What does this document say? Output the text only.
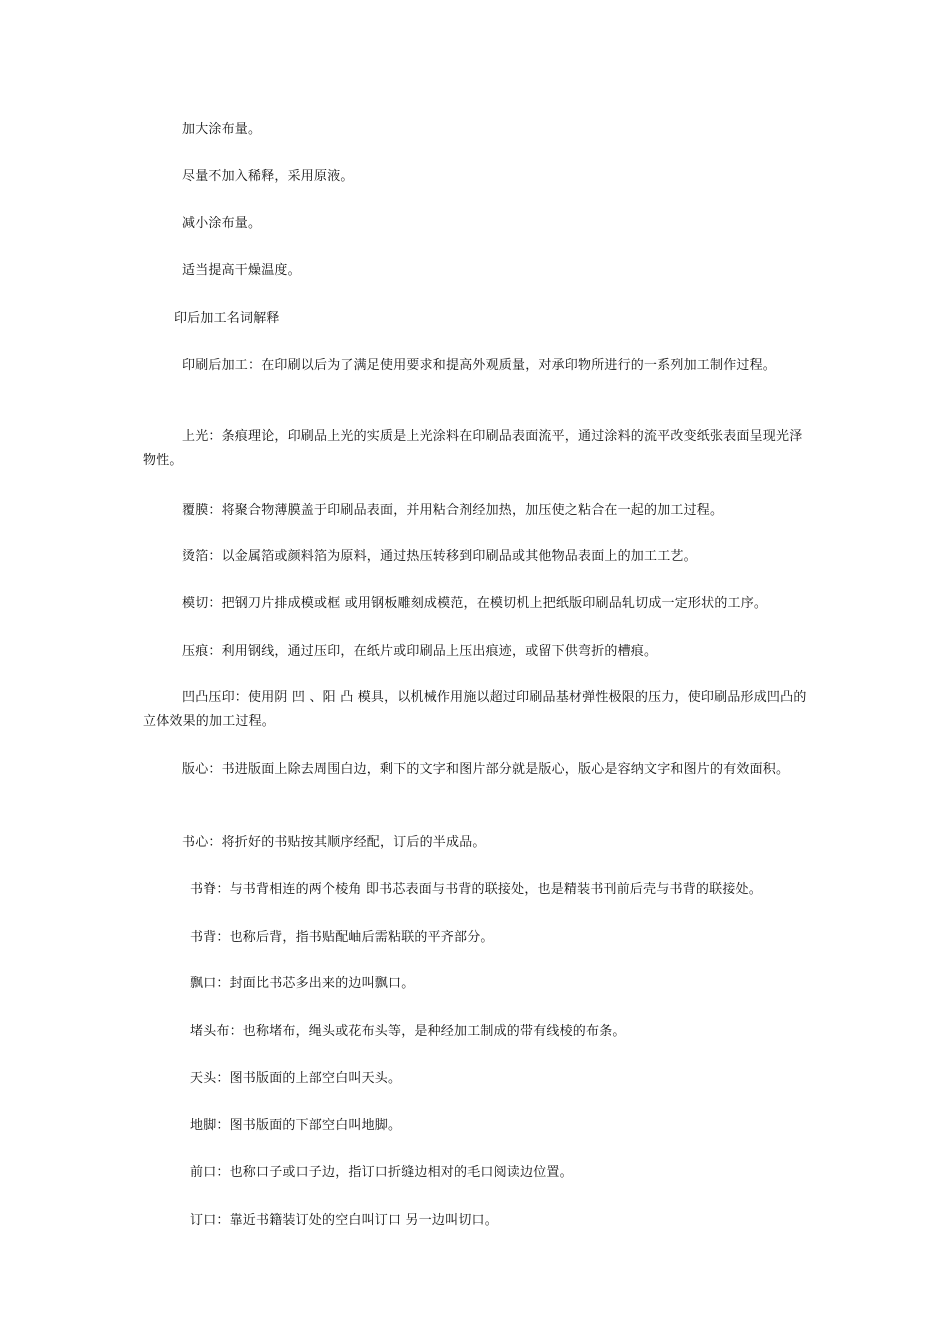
加大涂布量。

尽量不加入稀释，采用原液。

减小涂布量。

适当提高干燥温度。

印后加工名词解释

印刷后加工：在印刷以后为了满足使用要求和提高外观质量，对承印物所进行的一系列加工制作过程。

上光：条痕理论，印刷品上光的实质是上光涂料在印刷品表面流平，通过涂料的流平改变纸张表面呈现光泽物性。

覆膜：将聚合物薄膜盖于印刷品表面，并用粘合剂经加热，加压使之粘合在一起的加工过程。

烫箔：以金属箔或颜料箔为原料，通过热压转移到印刷品或其他物品表面上的加工工艺。

模切：把钢刀片排成模或框 或用钢板雕刻成模范，在模切机上把纸版印刷品轧切成一定形状的工序。

压痕：利用钢线，通过压印，在纸片或印刷品上压出痕迹，或留下供弯折的槽痕。

凹凸压印：使用阴 凹 、阳 凸 模具，以机械作用施以超过印刷品基材弹性极限的压力，使印刷品形成凹凸的立体效果的加工过程。

版心：书进版面上除去周围白边，剩下的文字和图片部分就是版心，版心是容纳文字和图片的有效面积。

书心：将折好的书贴按其顺序经配，订后的半成品。

书脊：与书背相连的两个棱角 即书芯表面与书背的联接处，也是精装书刊前后壳与书背的联接处。

书背：也称后背，指书贴配岫后需粘联的平齐部分。

飘口：封面比书芯多出来的边叫飘口。

堵头布：也称堵布，绳头或花布头等，是种经加工制成的带有线棱的布条。

天头：图书版面的上部空白叫天头。

地脚：图书版面的下部空白叫地脚。

前口：也称口子或口子边，指订口折缝边相对的毛口阅读边位置。

订口：靠近书籍装订处的空白叫订口 另一边叫切口。
